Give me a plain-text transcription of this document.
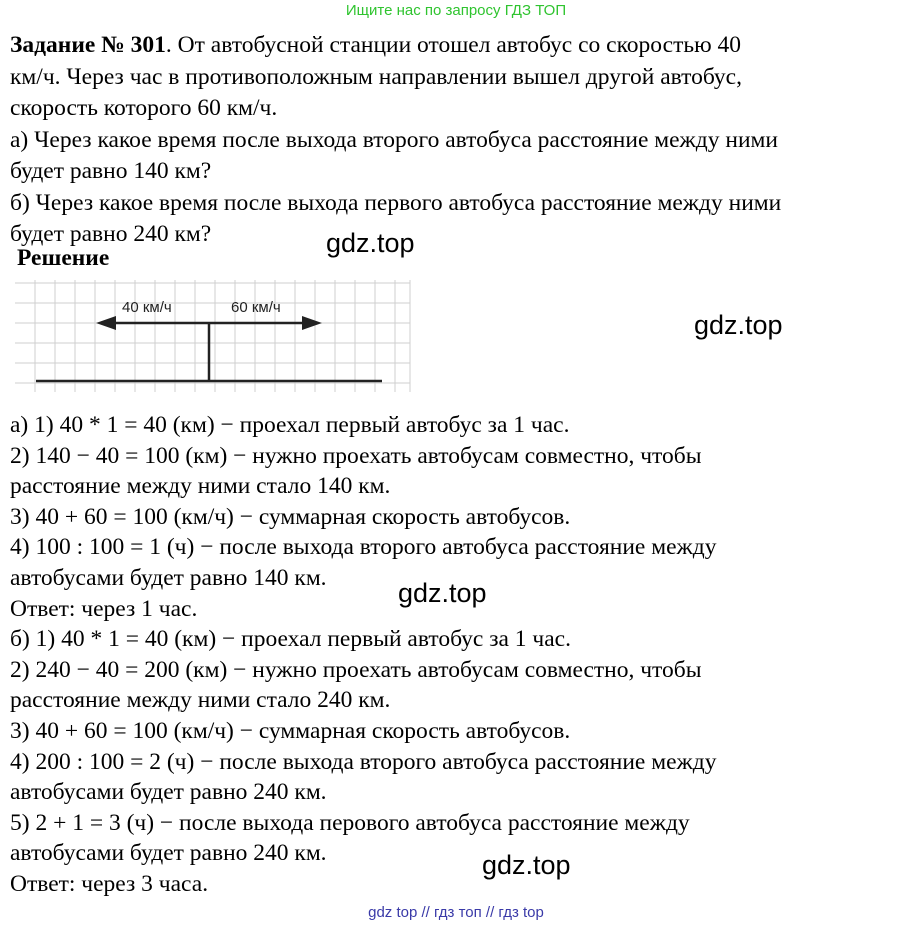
Ищите нас по запросу ГДЗ ТОП
Задание № 301. От автобусной станции отошел автобус со скоростью 40
км/ч. Через час в противоположным направлении вышел другой автобус,
скорость которого 60 км/ч.
а) Через какое время после выхода второго автобуса расстояние между ними
будет равно 140 км?
б) Через какое время после выхода первого автобуса расстояние между ними
будет равно 240 км?
Решение	gdz.top
gdz.top
gdz.top
gdz.top
40 км/ч	60 км/ч
а) 1) 40 * 1 = 40 (км) − проехал первый автобус за 1 час.
2) 140 − 40 = 100 (км) − нужно проехать автобусам совместно, чтобы
расстояние между ними стало 140 км.
3) 40 + 60 = 100 (км/ч) − суммарная скорость автобусов.
4) 100 : 100 = 1 (ч) − после выхода второго автобуса расстояние между
автобусами будет равно 140 км.
Ответ: через 1 час.
б) 1) 40 * 1 = 40 (км) − проехал первый автобус за 1 час.
2) 240 − 40 = 200 (км) − нужно проехать автобусам совместно, чтобы
расстояние между ними стало 240 км.
3) 40 + 60 = 100 (км/ч) − суммарная скорость автобусов.
4) 200 : 100 = 2 (ч) − после выхода второго автобуса расстояние между
автобусами будет равно 240 км.
5) 2 + 1 = 3 (ч) − после выхода перового автобуса расстояние между
автобусами будет равно 240 км.
Ответ: через 3 часа.
gdz top // гдз топ // гдз top
